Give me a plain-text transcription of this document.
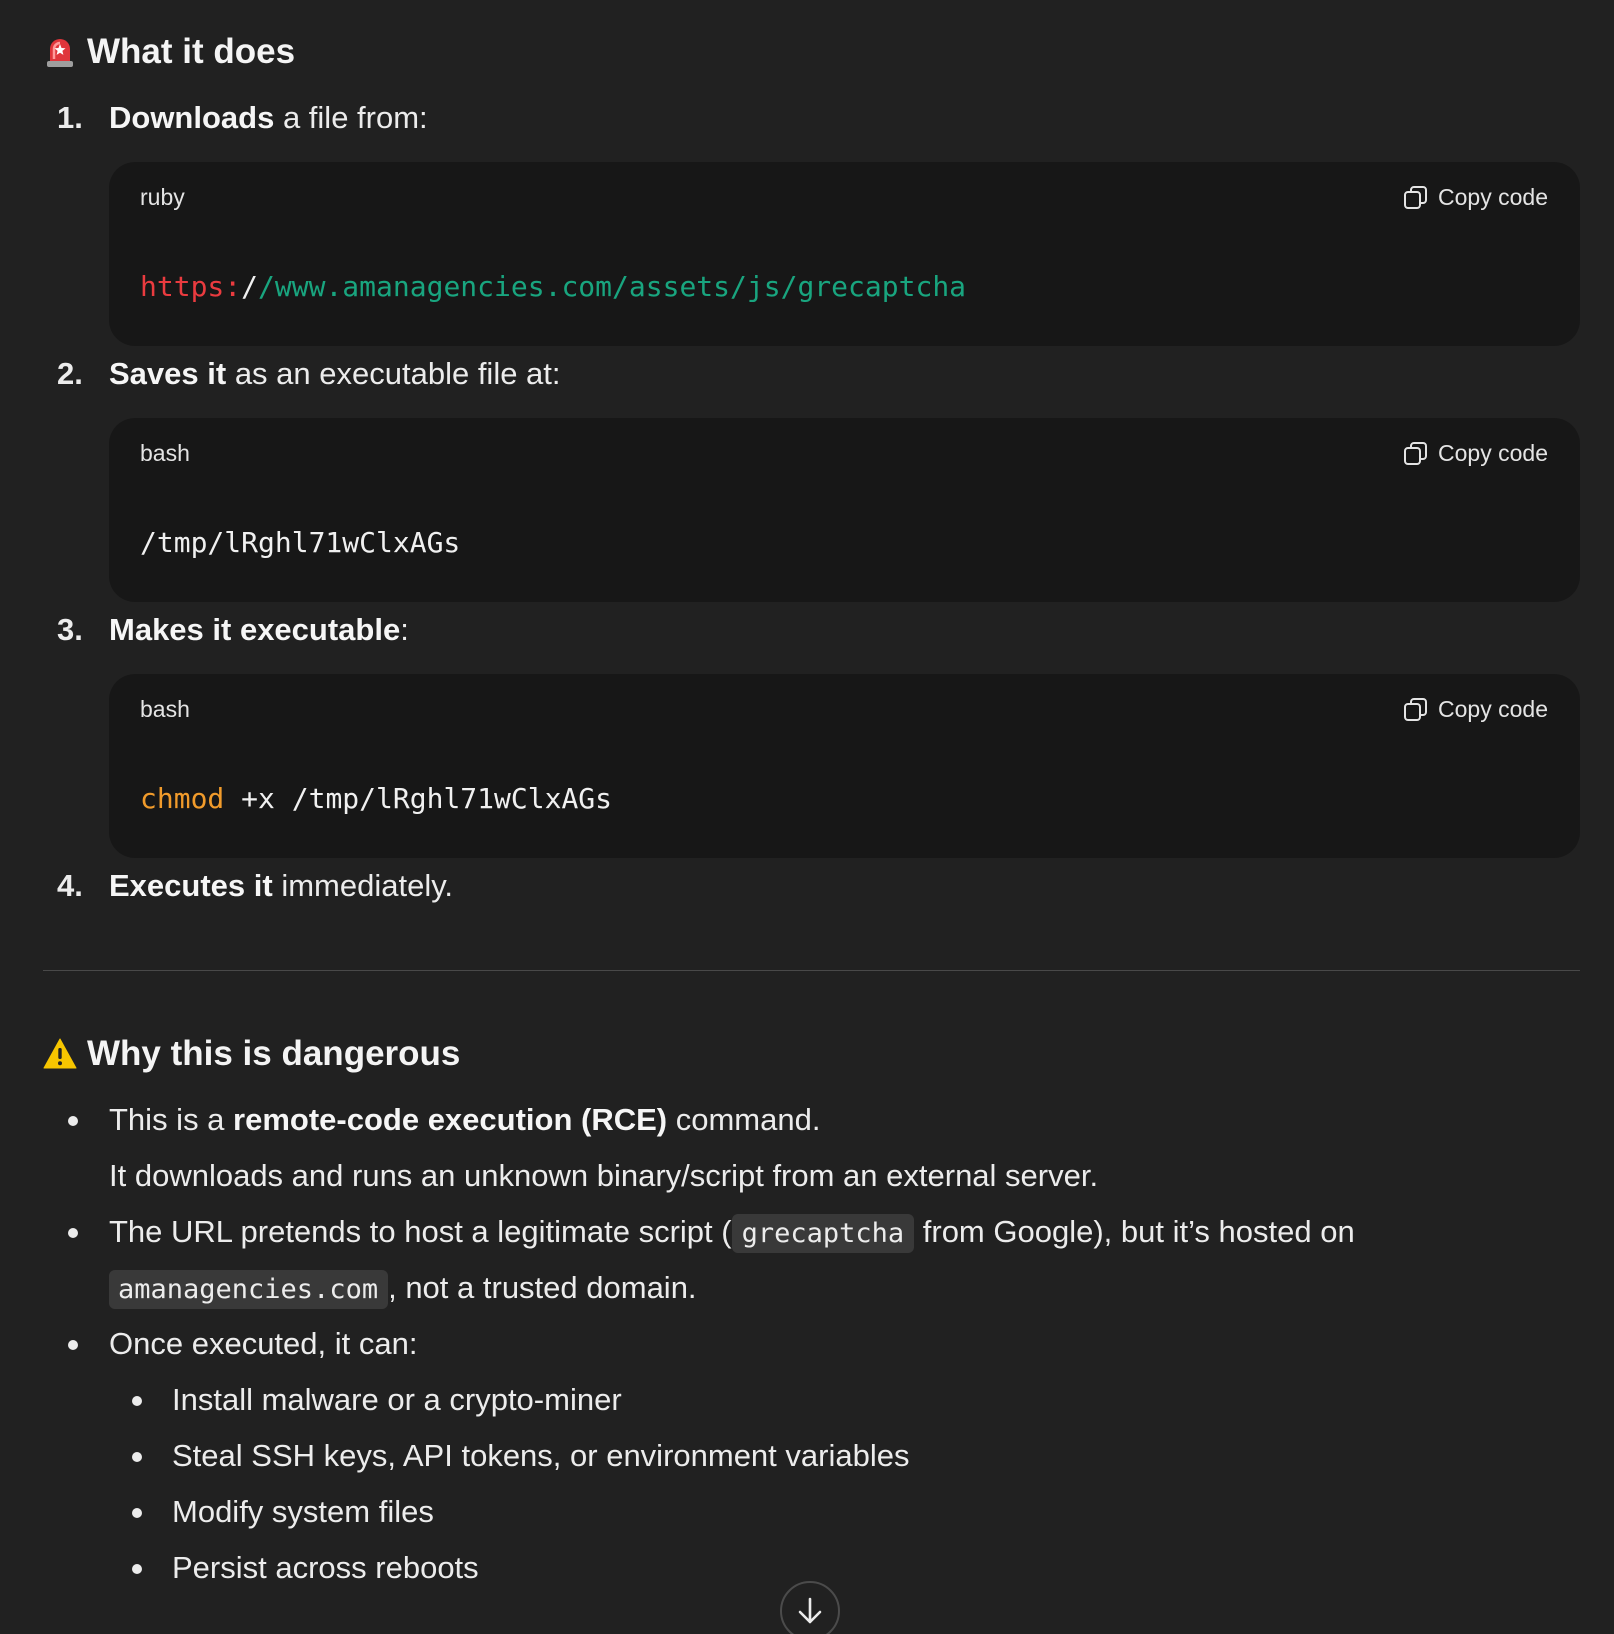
What it does
1. Downloads a file from:
ruby	Copy code
https://www.amanagencies.com/assets/js/grecaptcha
2. Saves it as an executable file at:
bash	Copy code
/tmp/lRghl71wClxAGs
3. Makes it executable:
bash	Copy code
chmod +x /tmp/lRghl71wClxAGs
4. Executes it immediately.
Why this is dangerous
This is a remote-code execution (RCE) command.
It downloads and runs an unknown binary/script from an external server.
The URL pretends to host a legitimate script ( grecaptcha from Google), but it’s hosted on
amanagencies.com , not a trusted domain.
Once executed, it can:
Install malware or a crypto-miner
Steal SSH keys, API tokens, or environment variables
Modify system files
Persist across reboots
